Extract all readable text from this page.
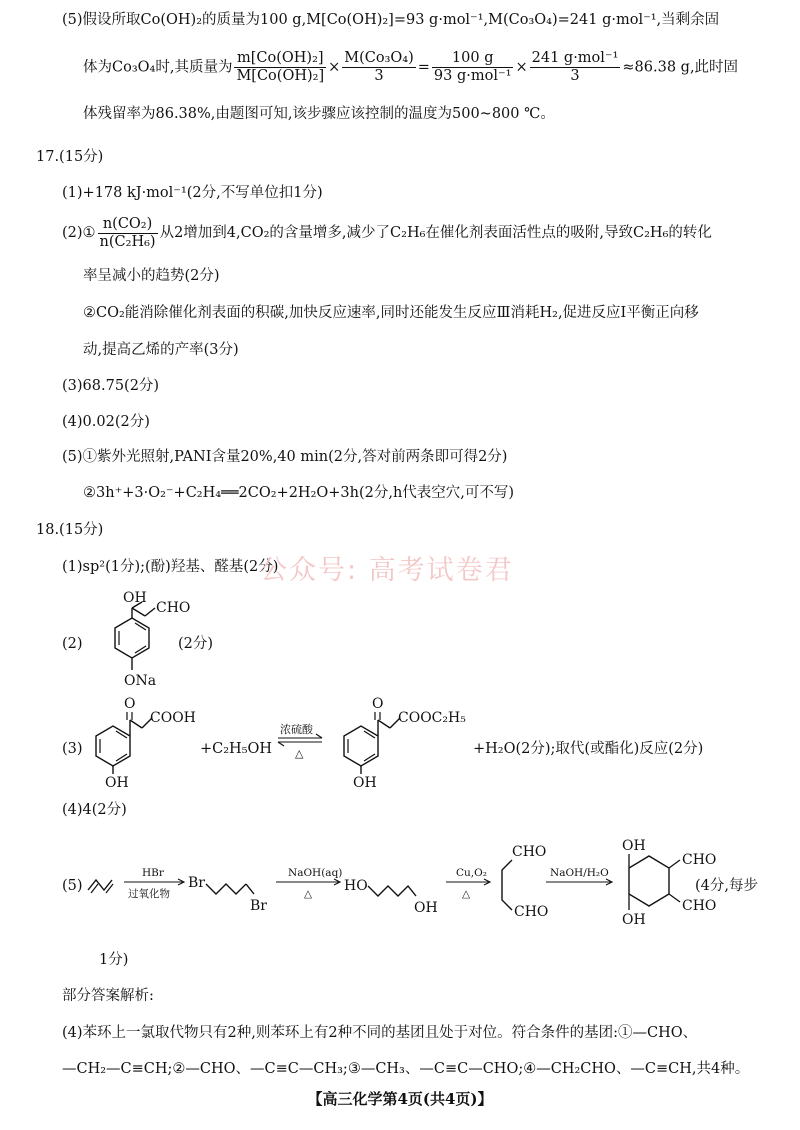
(5)假设所取Co(OH)₂的质量为100 g,M[Co(OH)₂]=93 g·mol⁻¹,M(Co₃O₄)=241 g·mol⁻¹,当剩余固
体为Co₃O₄时,其质量为 $\frac{\text{m[Co(OH)₂]}}{\text{M[Co(OH)₂]}} \times \frac{\text{M(Co₃O₄)}}{3} = \frac{100 g}{\text{93 g·mol⁻¹}} \times \frac{\text{241 g·mol⁻¹}}{3} \approx 86.38$ g,此时固
体残留率为86.38%,由题图可知,该步骤应该控制的温度为500~800 ℃。
17.(15分)
(1)+178 kJ·mol⁻¹(2分,不写单位扣1分)
(2)① $\frac{\text{n(CO₂)}}{\text{n(C₂H₆)}}$ 从2增加到4,CO₂的含量增多,减少了C₂H₆在催化剂表面活性点的吸附,导致C₂H₆的转化
率呈减小的趋势(2分)
②CO₂能消除催化剂表面的积碳,加快反应速率,同时还能发生反应Ⅲ消耗H₂,促进反应Ⅰ平衡正向移
动,提高乙烯的产率(3分)
(3)68.75(2分)
(4)0.02(2分)
(5)①紫外光照射,PANI含量20%,40 min(2分,答对前两条即可得2分)
②3h⁺+3·O₂⁻+C₂H₄══2CO₂+2H₂O+3h(2分,h代表空穴,可不写)
18.(15分)
(1)sp²(1分);(酚)羟基、醛基(2分)
公众号: 高考试卷君
(2)
OH
CHO
ONa
(2分)
(3)
O
COOH
OH
+C₂H₅OH
浓硫酸
△
O
COOC₂H₅
OH
+H₂O(2分);取代(或酯化)反应(2分)
(4)4(2分)
(5)
HBr
过氧化物
Br
Br
NaOH(aq)
△ HO
OH
Cu,O₂
△
CHO
CHO
NaOH/H₂O
OH
CHO
CHO
OH
(4分,每步
1分)
部分答案解析:
(4)苯环上一氯取代物只有2种,则苯环上有2种不同的基团且处于对位。符合条件的基团:①—CHO、
—CH₂—C≡CH;②—CHO、—C≡C—CH₃;③—CH₃、—C≡C—CHO;④—CH₂CHO、—C≡CH,共4种。
【高三化学第4页(共4页)】
